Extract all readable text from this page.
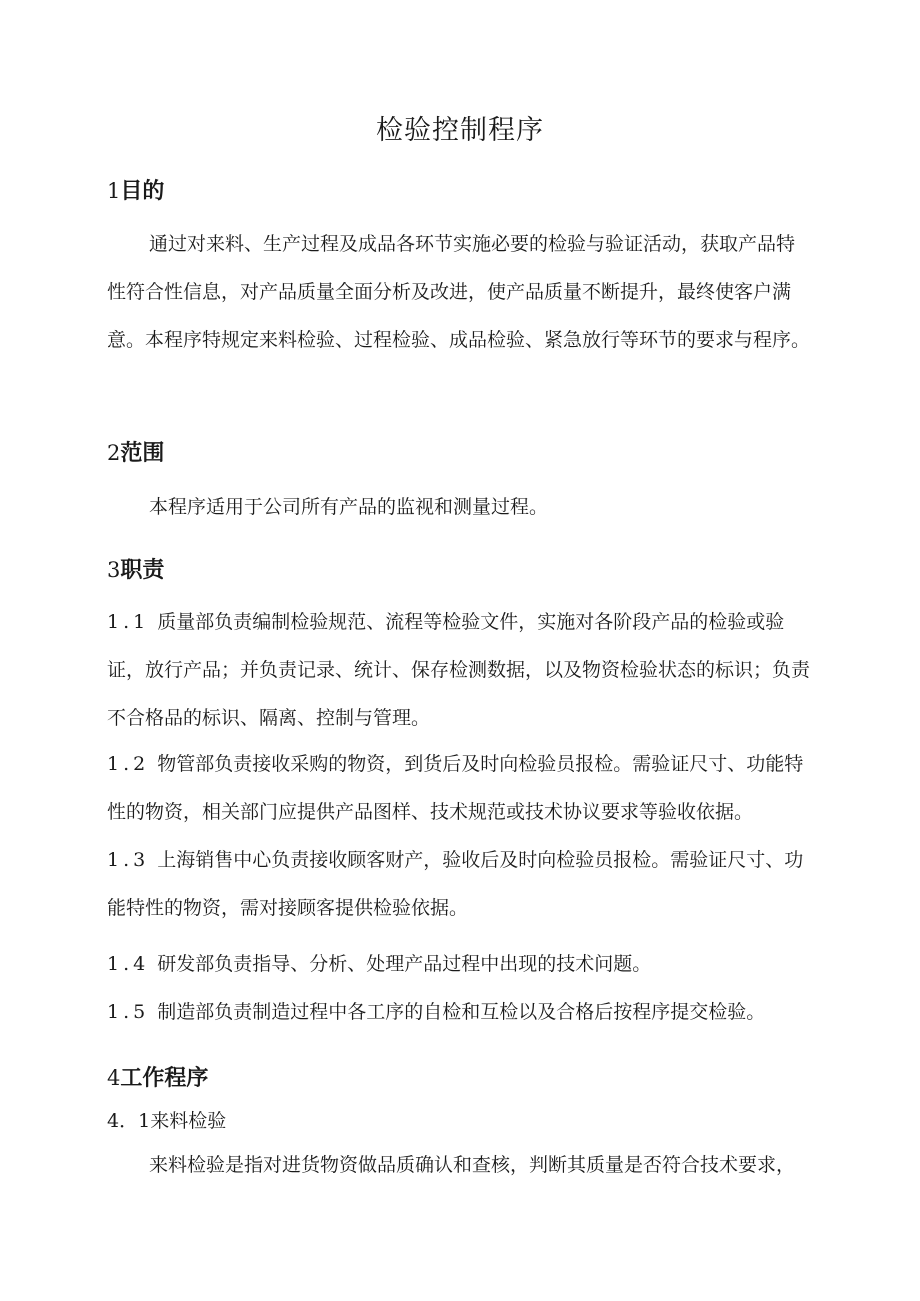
检验控制程序
1目的
通过对来料、生产过程及成品各环节实施必要的检验与验证活动，获取产品特性符合性信息，对产品质量全面分析及改进，使产品质量不断提升，最终使客户满意。本程序特规定来料检验、过程检验、成品检验、紧急放行等环节的要求与程序。
2范围
本程序适用于公司所有产品的监视和测量过程。
3职责
1.1 质量部负责编制检验规范、流程等检验文件，实施对各阶段产品的检验或验证，放行产品；并负责记录、统计、保存检测数据，以及物资检验状态的标识；负责不合格品的标识、隔离、控制与管理。
1.2 物管部负责接收采购的物资，到货后及时向检验员报检。需验证尺寸、功能特性的物资，相关部门应提供产品图样、技术规范或技术协议要求等验收依据。
1.3 上海销售中心负责接收顾客财产，验收后及时向检验员报检。需验证尺寸、功能特性的物资，需对接顾客提供检验依据。
1.4 研发部负责指导、分析、处理产品过程中出现的技术问题。
1.5 制造部负责制造过程中各工序的自检和互检以及合格后按程序提交检验。
4工作程序
4．1来料检验
来料检验是指对进货物资做品质确认和查核，判断其质量是否符合技术要求，
